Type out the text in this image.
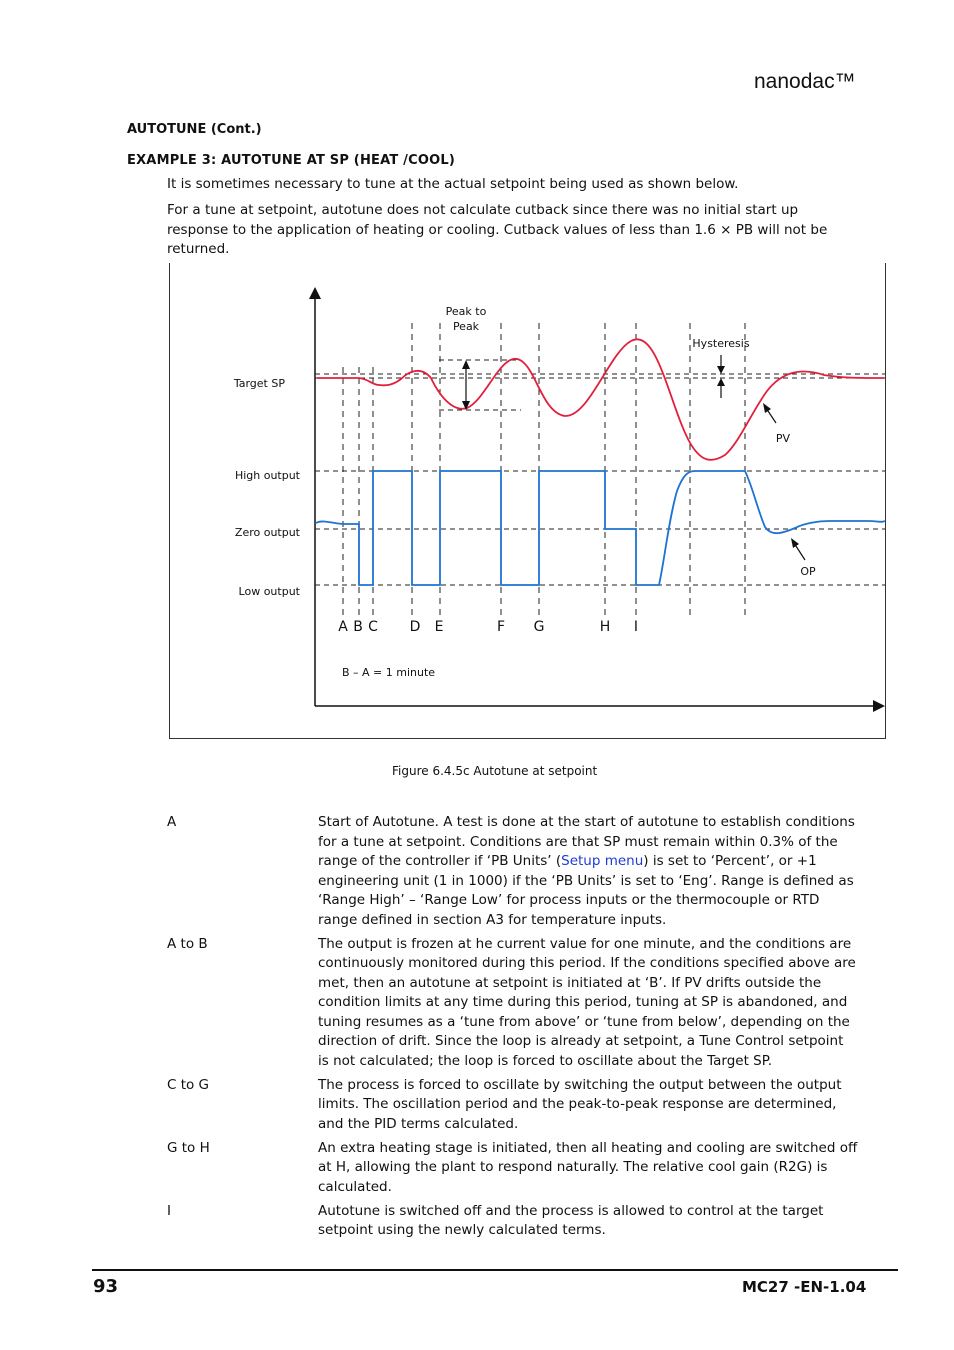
nanodac™
AUTOTUNE (Cont.)
EXAMPLE 3: AUTOTUNE AT SP (HEAT /COOL)
It is sometimes necessary to tune at the actual setpoint being used as shown below.
For a tune at setpoint, autotune does not calculate cutback since there was no initial start up response to the application of heating or cooling. Cutback values of less than 1.6 × PB will not be returned.
Target SP
High output
Zero output
Low output
Peak to
Peak
Hysteresis
PV
OP
B – A = 1 minute
A B C D E	F G	H I
Figure 6.4.5c Autotune at setpoint
A	Start of Autotune. A test is done at the start of autotune to establish conditions for a tune at setpoint. Conditions are that SP must remain within 0.3% of the range of the controller if ‘PB Units’ (Setup menu) is set to ‘Percent’, or +1 engineering unit (1 in 1000) if the ‘PB Units’ is set to ‘Eng’. Range is defined as ‘Range High’ – ‘Range Low’ for process inputs or the thermocouple or RTD range defined in section A3 for temperature inputs.
A to B	The output is frozen at he current value for one minute, and the conditions are continuously monitored during this period. If the conditions specified above are met, then an autotune at setpoint is initiated at ‘B’. If PV drifts outside the condition limits at any time during this period, tuning at SP is abandoned, and tuning resumes as a ‘tune from above’ or ‘tune from below’, depending on the direction of drift. Since the loop is already at setpoint, a Tune Control setpoint is not calculated; the loop is forced to oscillate about the Target SP.
C to G	The process is forced to oscillate by switching the output between the output limits. The oscillation period and the peak-to-peak response are determined, and the PID terms calculated.
G to H	An extra heating stage is initiated, then all heating and cooling are switched off at H, allowing the plant to respond naturally. The relative cool gain (R2G) is calculated.
I	Autotune is switched off and the process is allowed to control at the target setpoint using the newly calculated terms.
93	MC27 -EN-1.04
